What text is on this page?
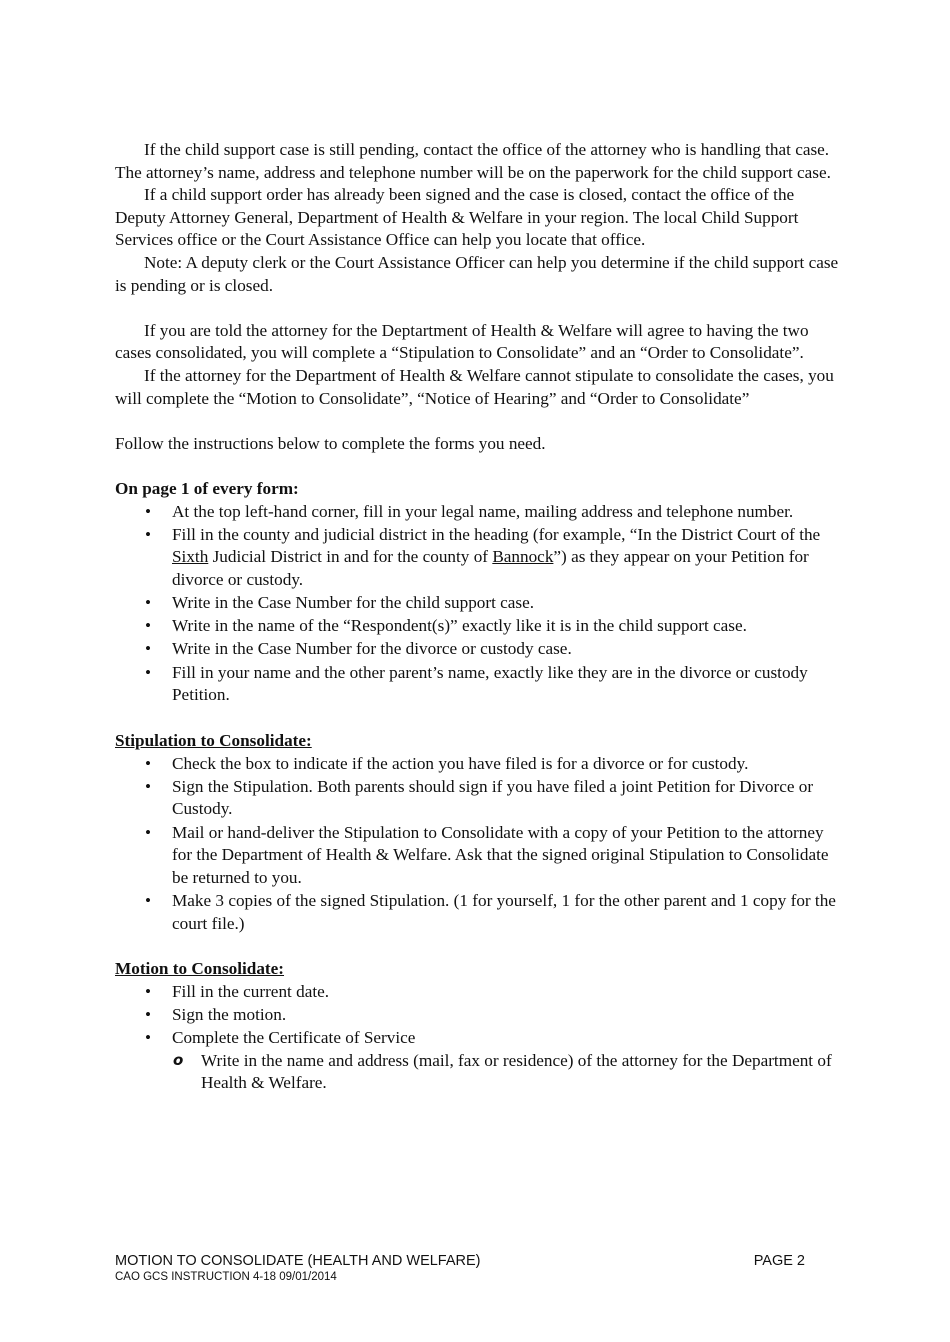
If the child support case is still pending, contact the office of the attorney who is handling that case. The attorney’s name, address and telephone number will be on the paperwork for the child support case.

If a child support order has already been signed and the case is closed, contact the office of the Deputy Attorney General, Department of Health & Welfare in your region. The local Child Support Services office or the Court Assistance Office can help you locate that office.

Note: A deputy clerk or the Court Assistance Officer can help you determine if the child support case is pending or is closed.

If you are told the attorney for the Deptartment of Health & Welfare will agree to having the two cases consolidated, you will complete a “Stipulation to Consolidate” and an “Order to Consolidate”.

If the attorney for the Department of Health & Welfare cannot stipulate to consolidate the cases, you will complete the “Motion to Consolidate”, “Notice of Hearing” and “Order to Consolidate”

Follow the instructions below to complete the forms you need.

On page 1 of every form:

• At the top left-hand corner, fill in your legal name, mailing address and telephone number.
• Fill in the county and judicial district in the heading (for example, “In the District Court of the Sixth Judicial District in and for the county of Bannock”) as they appear on your Petition for divorce or custody.
• Write in the Case Number for the child support case.
• Write in the name of the “Respondent(s)” exactly like it is in the child support case.
• Write in the Case Number for the divorce or custody case.
• Fill in your name and the other parent’s name, exactly like they are in the divorce or custody Petition.

Stipulation to Consolidate:

• Check the box to indicate if the action you have filed is for a divorce or for custody.
• Sign the Stipulation. Both parents should sign if you have filed a joint Petition for Divorce or Custody.
• Mail or hand-deliver the Stipulation to Consolidate with a copy of your Petition to the attorney for the Department of Health & Welfare. Ask that the signed original Stipulation to Consolidate be returned to you.
• Make 3 copies of the signed Stipulation. (1 for yourself, 1 for the other parent and 1 copy for the court file.)

Motion to Consolidate:

• Fill in the current date.
• Sign the motion.
• Complete the Certificate of Service
o Write in the name and address (mail, fax or residence) of the attorney for the Department of Health & Welfare.
MOTION TO CONSOLIDATE (HEALTH AND WELFARE)	PAGE 2
CAO GCS INSTRUCTION 4-18 09/01/2014
